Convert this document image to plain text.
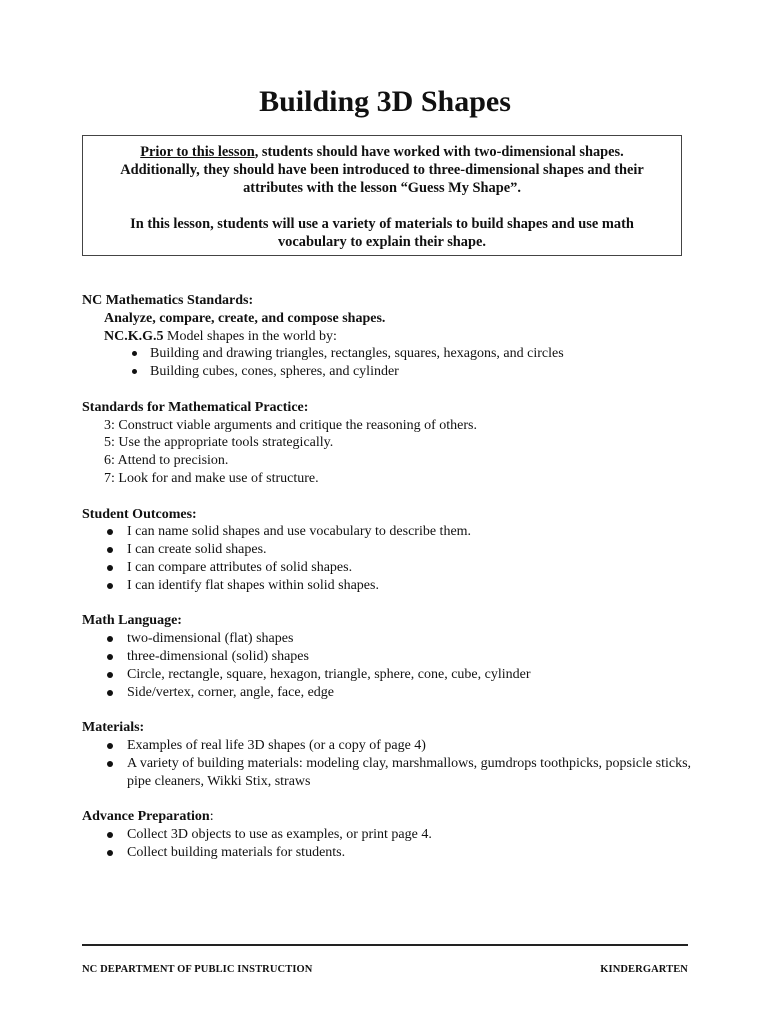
Building 3D Shapes

Prior to this lesson, students should have worked with two-dimensional shapes. Additionally, they should have been introduced to three-dimensional shapes and their attributes with the lesson “Guess My Shape”.

In this lesson, students will use a variety of materials to build shapes and use math vocabulary to explain their shape.

NC Mathematics Standards:

Analyze, compare, create, and compose shapes.

NC.K.G.5 Model shapes in the world by:

Building and drawing triangles, rectangles, squares, hexagons, and circles
Building cubes, cones, spheres, and cylinder

Standards for Mathematical Practice:

3: Construct viable arguments and critique the reasoning of others.

5: Use the appropriate tools strategically.

6: Attend to precision.

7: Look for and make use of structure.

Student Outcomes:

I can name solid shapes and use vocabulary to describe them.
I can create solid shapes.
I can compare attributes of solid shapes.
I can identify flat shapes within solid shapes.

Math Language:

two-dimensional (flat) shapes
three-dimensional (solid) shapes
Circle, rectangle, square, hexagon, triangle, sphere, cone, cube, cylinder
Side/vertex, corner, angle, face, edge

Materials:

Examples of real life 3D shapes (or a copy of page 4)
A variety of building materials: modeling clay, marshmallows, gumdrops toothpicks, popsicle sticks, pipe cleaners, Wikki Stix, straws

Advance Preparation:

Collect 3D objects to use as examples, or print page 4.
Collect building materials for students.
NC DEPARTMENT OF PUBLIC INSTRUCTION	KINDERGARTEN
